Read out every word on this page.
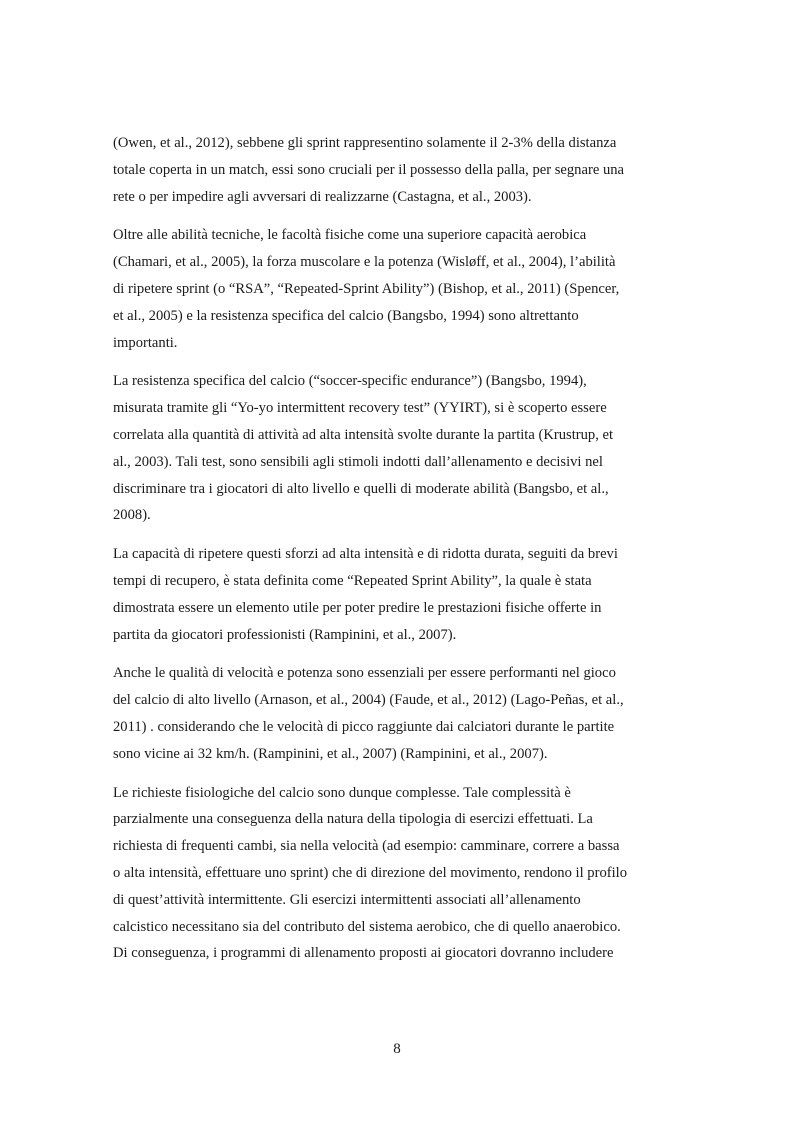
(Owen, et al., 2012), sebbene gli sprint rappresentino solamente il 2-3% della distanza
totale coperta in un match, essi sono cruciali per il possesso della palla, per segnare una
rete o per impedire agli avversari di realizzarne (Castagna, et al., 2003).

Oltre alle abilità tecniche, le facoltà fisiche come una superiore capacità aerobica
(Chamari, et al., 2005), la forza muscolare e la potenza (Wisløff, et al., 2004), l’abilità
di ripetere sprint (o “RSA”, “Repeated-Sprint Ability”) (Bishop, et al., 2011) (Spencer,
et al., 2005) e la resistenza specifica del calcio (Bangsbo, 1994) sono altrettanto
importanti.

La resistenza specifica del calcio (“soccer-specific endurance”) (Bangsbo, 1994),
misurata tramite gli “Yo-yo intermittent recovery test” (YYIRT), si è scoperto essere
correlata alla quantità di attività ad alta intensità svolte durante la partita (Krustrup, et
al., 2003). Tali test, sono sensibili agli stimoli indotti dall’allenamento e decisivi nel
discriminare tra i giocatori di alto livello e quelli di moderate abilità (Bangsbo, et al.,
2008).

La capacità di ripetere questi sforzi ad alta intensità e di ridotta durata, seguiti da brevi
tempi di recupero, è stata definita come “Repeated Sprint Ability”, la quale è stata
dimostrata essere un elemento utile per poter predire le prestazioni fisiche offerte in
partita da giocatori professionisti (Rampinini, et al., 2007).

Anche le qualità di velocità e potenza sono essenziali per essere performanti nel gioco
del calcio di alto livello (Arnason, et al., 2004) (Faude, et al., 2012) (Lago-Peñas, et al.,
2011) . considerando che le velocità di picco raggiunte dai calciatori durante le partite
sono vicine ai 32 km/h. (Rampinini, et al., 2007) (Rampinini, et al., 2007).

Le richieste fisiologiche del calcio sono dunque complesse. Tale complessità è
parzialmente una conseguenza della natura della tipologia di esercizi effettuati. La
richiesta di frequenti cambi, sia nella velocità (ad esempio: camminare, correre a bassa
o alta intensità, effettuare uno sprint) che di direzione del movimento, rendono il profilo
di quest’attività intermittente. Gli esercizi intermittenti associati all’allenamento
calcistico necessitano sia del contributo del sistema aerobico, che di quello anaerobico.
Di conseguenza, i programmi di allenamento proposti ai giocatori dovranno includere

8
